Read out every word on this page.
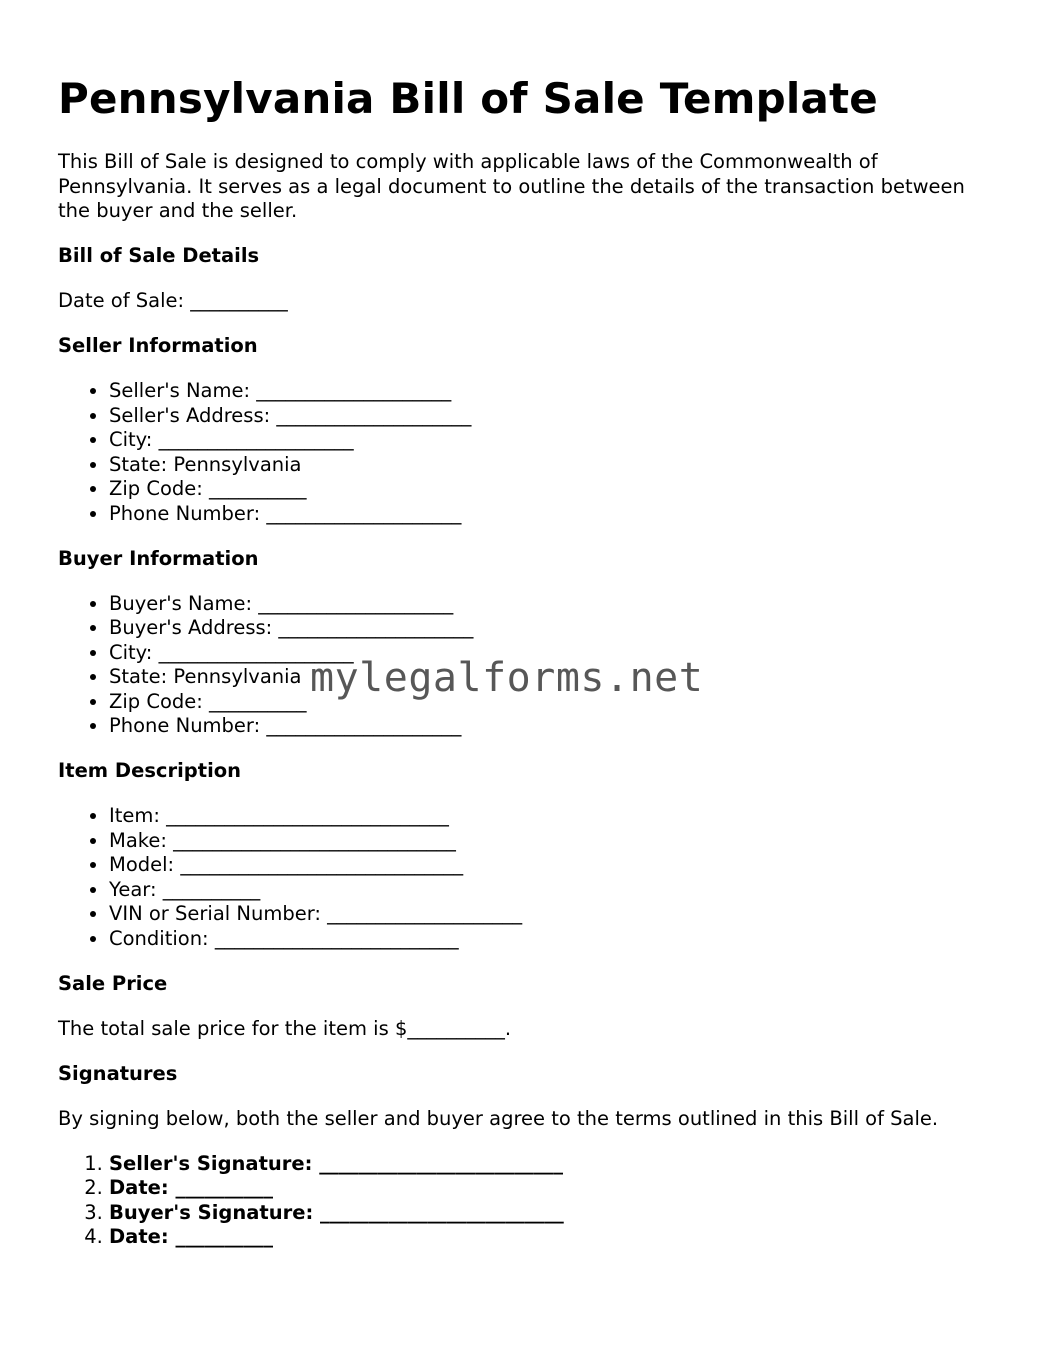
Pennsylvania Bill of Sale Template

This Bill of Sale is designed to comply with applicable laws of the Commonwealth of Pennsylvania. It serves as a legal document to outline the details of the transaction between the buyer and the seller.

Bill of Sale Details

Date of Sale: __________

Seller Information
• Seller's Name: ____________________
• Seller's Address: ____________________
• City: ____________________
• State: Pennsylvania
• Zip Code: __________
• Phone Number: ____________________
Buyer Information
• Buyer's Name: ____________________
• Buyer's Address: ____________________
• City: ____________________
• State: Pennsylvania
• Zip Code: __________
• Phone Number: ____________________
Item Description
• Item: _____________________________
• Make: _____________________________
• Model: _____________________________
• Year: __________
• VIN or Serial Number: ____________________
• Condition: _________________________
Sale Price

The total sale price for the item is $__________.

Signatures

By signing below, both the seller and buyer agree to the terms outlined in this Bill of Sale.

1. Seller's Signature: _________________________
2. Date: __________
3. Buyer's Signature: _________________________
4. Date: __________
mylegalforms.net
